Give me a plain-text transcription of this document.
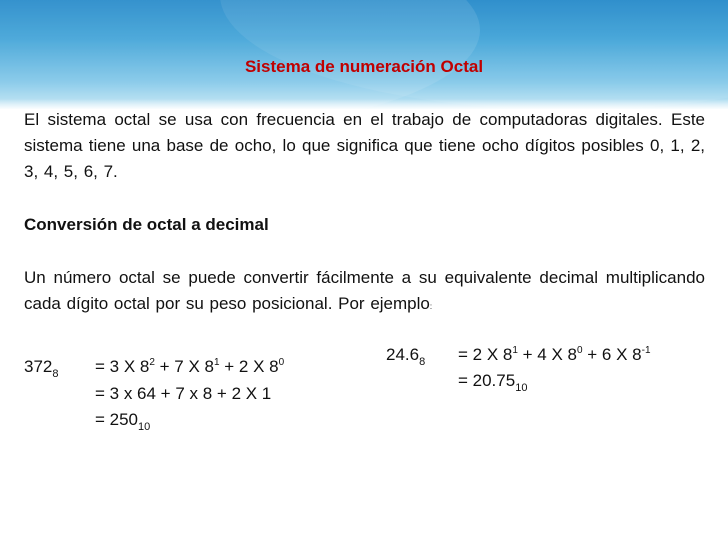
Sistema de numeración Octal
El sistema octal se usa con frecuencia en el trabajo de computadoras digitales. Este sistema tiene una base de ocho, lo que significa que tiene ocho dígitos posibles 0, 1, 2, 3, 4, 5, 6, 7.
Conversión de octal a decimal
Un número octal se puede convertir fácilmente a su equivalente decimal multiplicando cada dígito octal por su peso posicional. Por ejemplo:
$372_8 = 3$ X $8^2 + 7$ X $8^1 + 2$ X $8^0$
= 3 x 64 + 7 x 8 + 2 X 1
= $250_{10}$
$24.6_8 = 2$ X $8^1 + 4$ X $8^0 + 6$ X $8^{-1}$
= $20.75_{10}$
